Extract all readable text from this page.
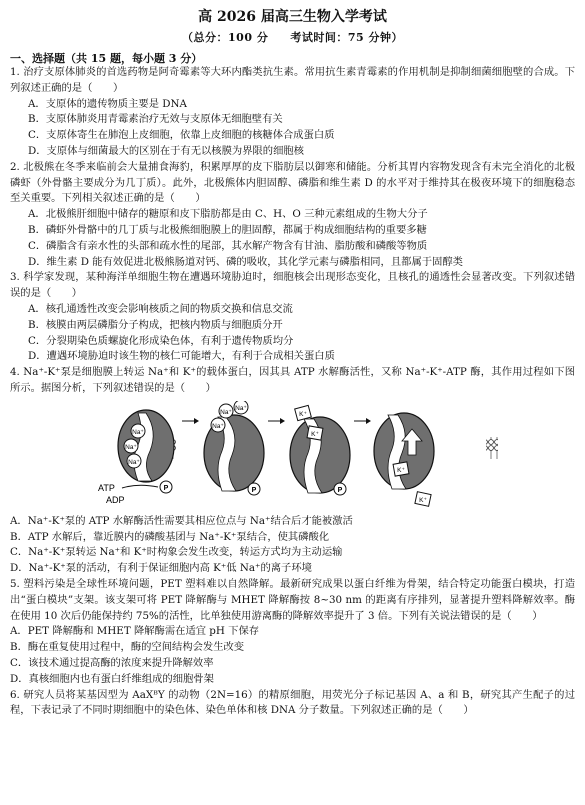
高 2026 届高三生物入学考试
（总分：100 分 考试时间：75 分钟）
一、选择题（共 15 题，每小题 3 分）

1. 治疗支原体肺炎的首选药物是阿奇霉素等大环内酯类抗生素。常用抗生素青霉素的作用机制是抑制细菌细胞壁的合成。下列叙述正确的是（　　）

A．支原体的遗传物质主要是 DNA

B．支原体肺炎用青霉素治疗无效与支原体无细胞壁有关

C．支原体寄生在肺泡上皮细胞，依靠上皮细胞的核糖体合成蛋白质

D．支原体与细菌最大的区别在于有无以核膜为界限的细胞核

2. 北极熊在冬季来临前会大量捕食海豹，积累厚厚的皮下脂肪层以御寒和储能。分析其胃内容物发现含有未完全消化的北极磷虾（外骨骼主要成分为几丁质）。此外，北极熊体内胆固醇、磷脂和维生素 D 的水平对于维持其在极夜环境下的细胞稳态至关重要。下列相关叙述正确的是（　　）

A．北极熊肝细胞中储存的糖原和皮下脂肪都是由 C、H、O 三种元素组成的生物大分子

B．磷虾外骨骼中的几丁质与北极熊细胞膜上的胆固醇，都属于构成细胞结构的重要多糖

C．磷脂含有亲水性的头部和疏水性的尾部，其水解产物含有甘油、脂肪酸和磷酸等物质

D．维生素 D 能有效促进北极熊肠道对钙、磷的吸收，其化学元素与磷脂相同，且都属于固醇类

3. 科学家发现，某种海洋单细胞生物在遭遇环境胁迫时，细胞核会出现形态变化，且核孔的通透性会显著改变。下列叙述错误的是（　　）

A．核孔通透性改变会影响核质之间的物质交换和信息交流

B．核膜由两层磷脂分子构成，把核内物质与细胞质分开

C．分裂期染色质螺旋化形成染色体，有利于遗传物质均分

D．遭遇环境胁迫时该生物的核仁可能增大，有利于合成相关蛋白质

4. Na⁺-K⁺泵是细胞膜上转运 Na⁺和 K⁺的载体蛋白，因其具 ATP 水解酶活性，又称 Na⁺-K⁺-ATP 酶，其作用过程如下图所示。据图分析，下列叙述错误的是（　　）

Na⁺
Na⁺
Na⁺
P
ATP
ADP
Na⁺
Na⁺
Na⁺
P
K⁺
K⁺
P
K⁺
K⁺

A．Na⁺-K⁺泵的 ATP 水解酶活性需要其相应位点与 Na⁺结合后才能被激活

B．ATP 水解后，靠近膜内的磷酸基团与 Na⁺-K⁺泵结合，使其磷酸化

C．Na⁺-K⁺泵转运 Na⁺和 K⁺时构象会发生改变，转运方式均为主动运输

D．Na⁺-K⁺泵的活动，有利于保证细胞内高 K⁺低 Na⁺的离子环境

5. 塑料污染是全球性环境问题，PET 塑料难以自然降解。最新研究成果以蛋白纤维为骨架，结合特定功能蛋白模块，打造出“蛋白模块”支架。该支架可将 PET 降解酶与 MHET 降解酶按 8~30 nm 的距离有序排列，显著提升塑料降解效率。酶在使用 10 次后仍能保持约 75%的活性，比单独使用游离酶的降解效率提升了 3 倍。下列有关说法错误的是（　　）

A．PET 降解酶和 MHET 降解酶需在适宜 pH 下保存

B．酶在重复使用过程中，酶的空间结构会发生改变

C．该技术通过提高酶的浓度来提升降解效率

D．真核细胞内也有蛋白纤维组成的细胞骨架

6. 研究人员将某基因型为 AaXᴮY 的动物（2N=16）的精原细胞，用荧光分子标记基因 A、a 和 B，研究其产生配子的过程，下表记录了不同时期细胞中的染色体、染色单体和核 DNA 分子数量。下列叙述正确的是（　　）
